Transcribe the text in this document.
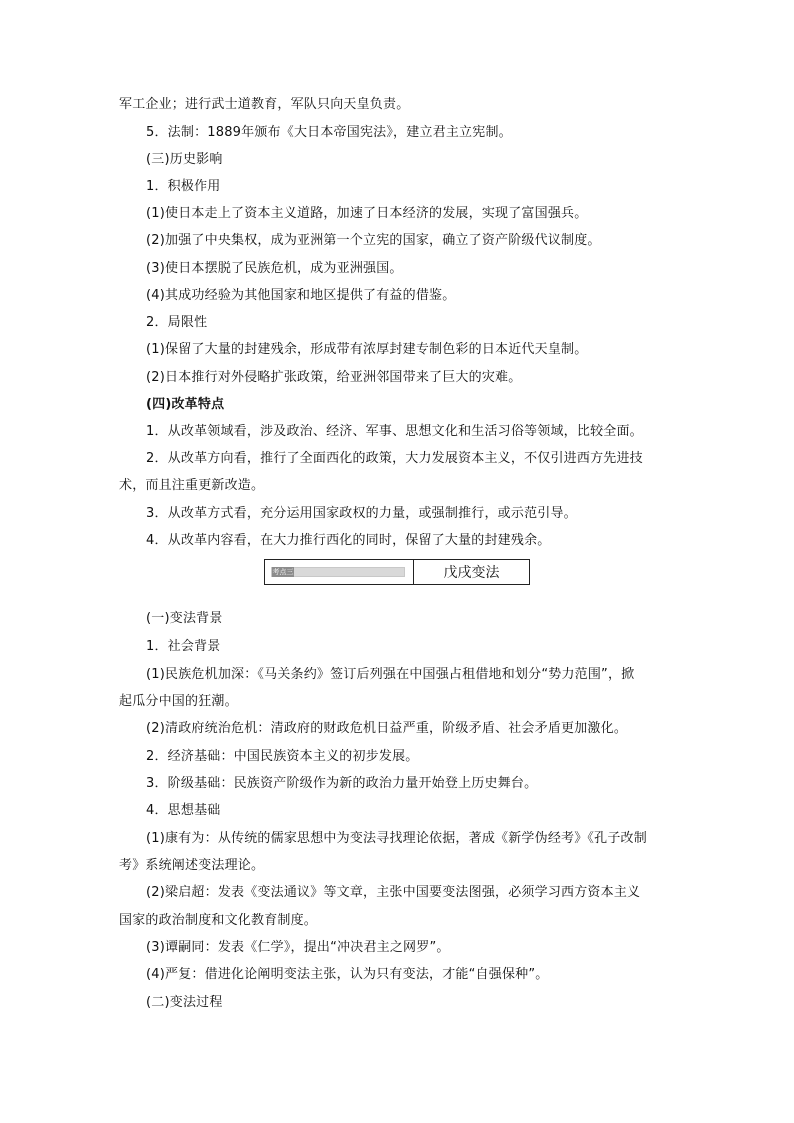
军工企业；进行武士道教育，军队只向天皇负责。
5．法制：1889年颁布《大日本帝国宪法》，建立君主立宪制。
(三)历史影响
1．积极作用
(1)使日本走上了资本主义道路，加速了日本经济的发展，实现了富国强兵。
(2)加强了中央集权，成为亚洲第一个立宪的国家，确立了资产阶级代议制度。
(3)使日本摆脱了民族危机，成为亚洲强国。
(4)其成功经验为其他国家和地区提供了有益的借鉴。
2．局限性
(1)保留了大量的封建残余，形成带有浓厚封建专制色彩的日本近代天皇制。
(2)日本推行对外侵略扩张政策，给亚洲邻国带来了巨大的灾难。
(四)改革特点
1．从改革领域看，涉及政治、经济、军事、思想文化和生活习俗等领域，比较全面。
2．从改革方向看，推行了全面西化的政策，大力发展资本主义，不仅引进西方先进技
术，而且注重更新改造。
3．从改革方式看，充分运用国家政权的力量，或强制推行，或示范引导。
4．从改革内容看，在大力推行西化的同时，保留了大量的封建残余。
考点三	戊戌变法
(一)变法背景
1．社会背景
(1)民族危机加深：《马关条约》签订后列强在中国强占租借地和划分“势力范围”，掀
起瓜分中国的狂潮。
(2)清政府统治危机：清政府的财政危机日益严重，阶级矛盾、社会矛盾更加激化。
2．经济基础：中国民族资本主义的初步发展。
3．阶级基础：民族资产阶级作为新的政治力量开始登上历史舞台。
4．思想基础
(1)康有为：从传统的儒家思想中为变法寻找理论依据，著成《新学伪经考》《孔子改制
考》系统阐述变法理论。
(2)梁启超：发表《变法通议》等文章，主张中国要变法图强，必须学习西方资本主义
国家的政治制度和文化教育制度。
(3)谭嗣同：发表《仁学》，提出“冲决君主之网罗”。
(4)严复：借进化论阐明变法主张，认为只有变法，才能“自强保种”。
(二)变法过程
